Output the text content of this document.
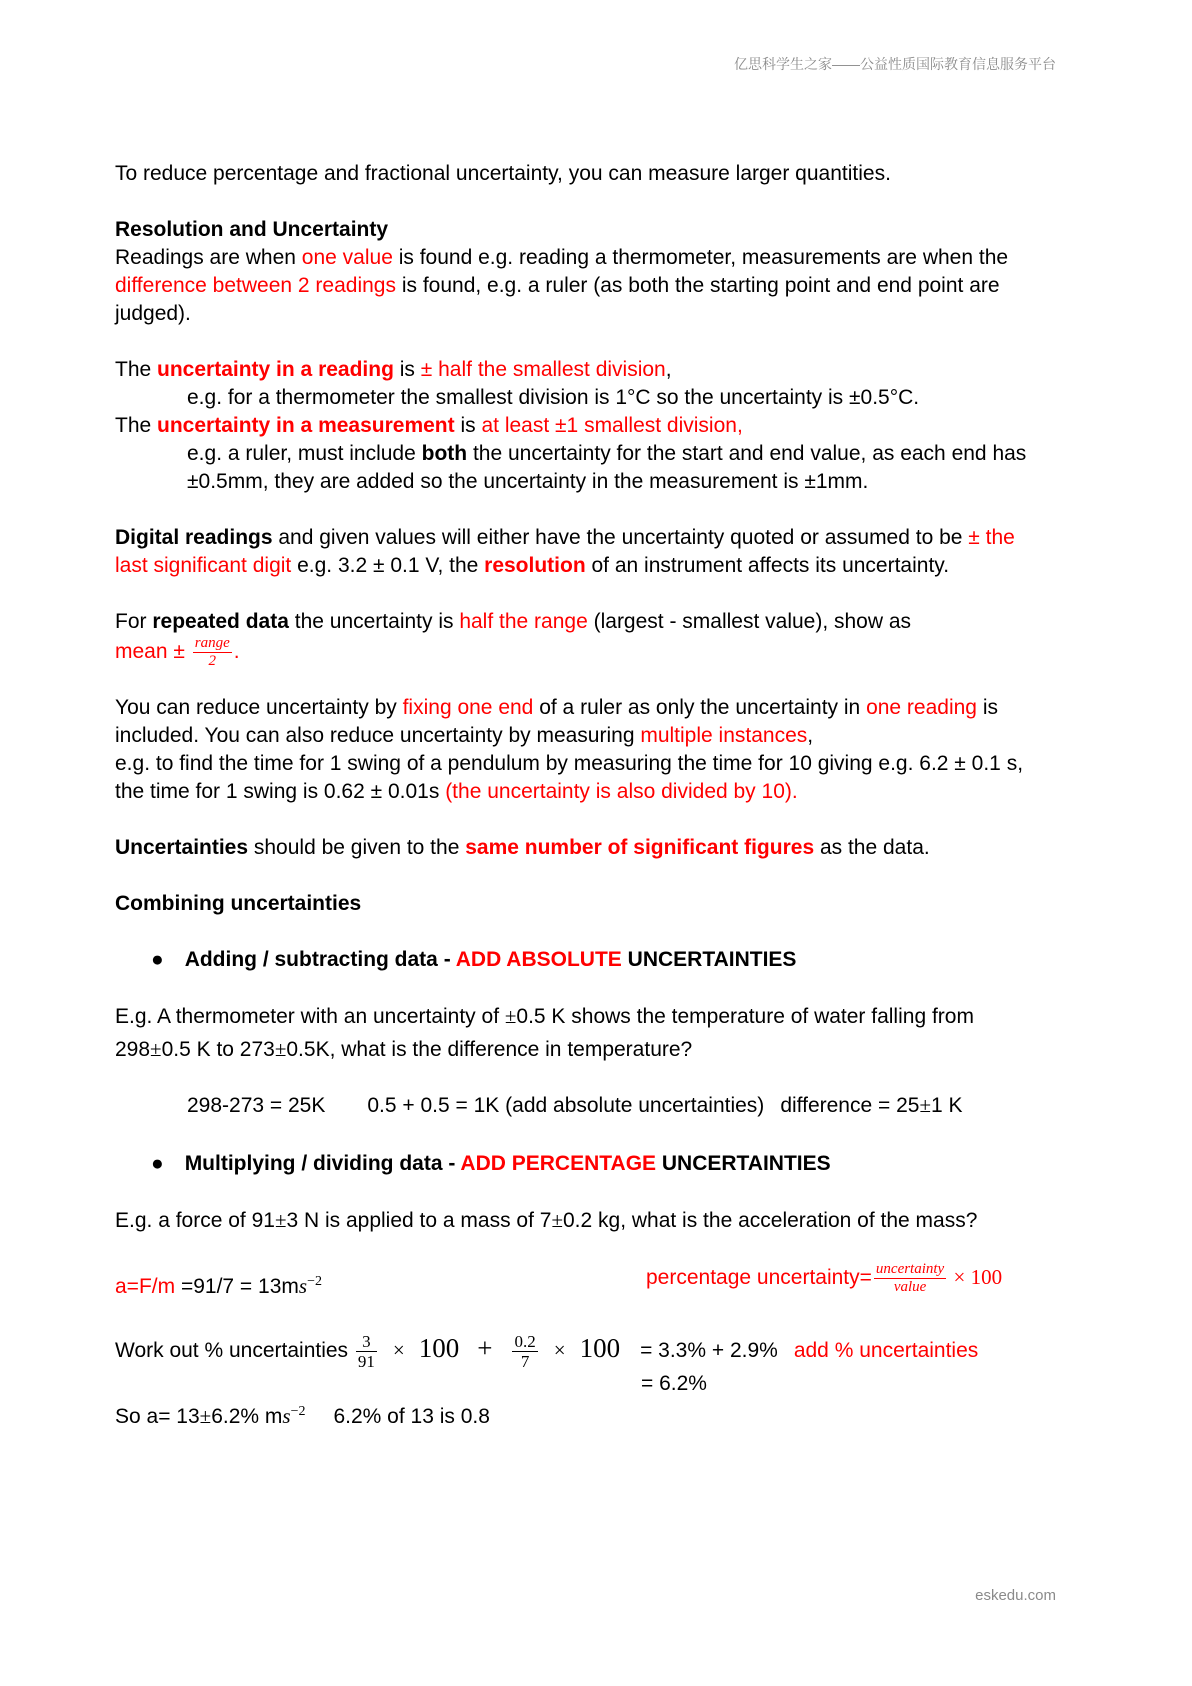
亿思科学生之家——公益性质国际教育信息服务平台
To reduce percentage and fractional uncertainty, you can measure larger quantities.
Resolution and Uncertainty
Readings are when one value is found e.g. reading a thermometer, measurements are when the
difference between 2 readings is found, e.g. a ruler (as both the starting point and end point are
judged).
The uncertainty in a reading is ± half the smallest division,
e.g. for a thermometer the smallest division is 1°C so the uncertainty is ±0.5°C.
The uncertainty in a measurement is at least ±1 smallest division,
e.g. a ruler, must include both the uncertainty for the start and end value, as each end has
±0.5mm, they are added so the uncertainty in the measurement is ±1mm.
Digital readings and given values will either have the uncertainty quoted or assumed to be ± the
last significant digit e.g. 3.2 ± 0.1 V, the resolution of an instrument affects its uncertainty.
For repeated data the uncertainty is half the range (largest - smallest value), show as
mean ± $\frac{\text{range}}{2}$ .
You can reduce uncertainty by fixing one end of a ruler as only the uncertainty in one reading is
included. You can also reduce uncertainty by measuring multiple instances,
e.g. to find the time for 1 swing of a pendulum by measuring the time for 10 giving e.g. 6.2 ± 0.1 s,
the time for 1 swing is 0.62 ± 0.01s (the uncertainty is also divided by 10).
Uncertainties should be given to the same number of significant figures as the data.
Combining uncertainties
● Adding / subtracting data - ADD ABSOLUTE UNCERTAINTIES
E.g. A thermometer with an uncertainty of ±0.5 K shows the temperature of water falling from
298±0.5 K to 273±0.5K, what is the difference in temperature?
298-273 = 25K 0.5 + 0.5 = 1K (add absolute uncertainties) difference = 25±1 K
● Multiplying / dividing data - ADD PERCENTAGE UNCERTAINTIES
E.g. a force of 91±3 N is applied to a mass of 7±0.2 kg, what is the acceleration of the mass?
$a=F/m =91/7 = 13ms^{-2}$	percentage uncertainty= $\frac{\text{uncertainty}}{\text{value}} \times 100$
Work out % uncertainties $\frac{3}{91} \times 100 + \frac{0.2}{7} \times 100 = 3.3\% + 2.9\%$ add % uncertainties
= 6.2%
So a= 13±6.2% $ms^{-2}$ 6.2% of 13 is 0.8
eskedu.com
